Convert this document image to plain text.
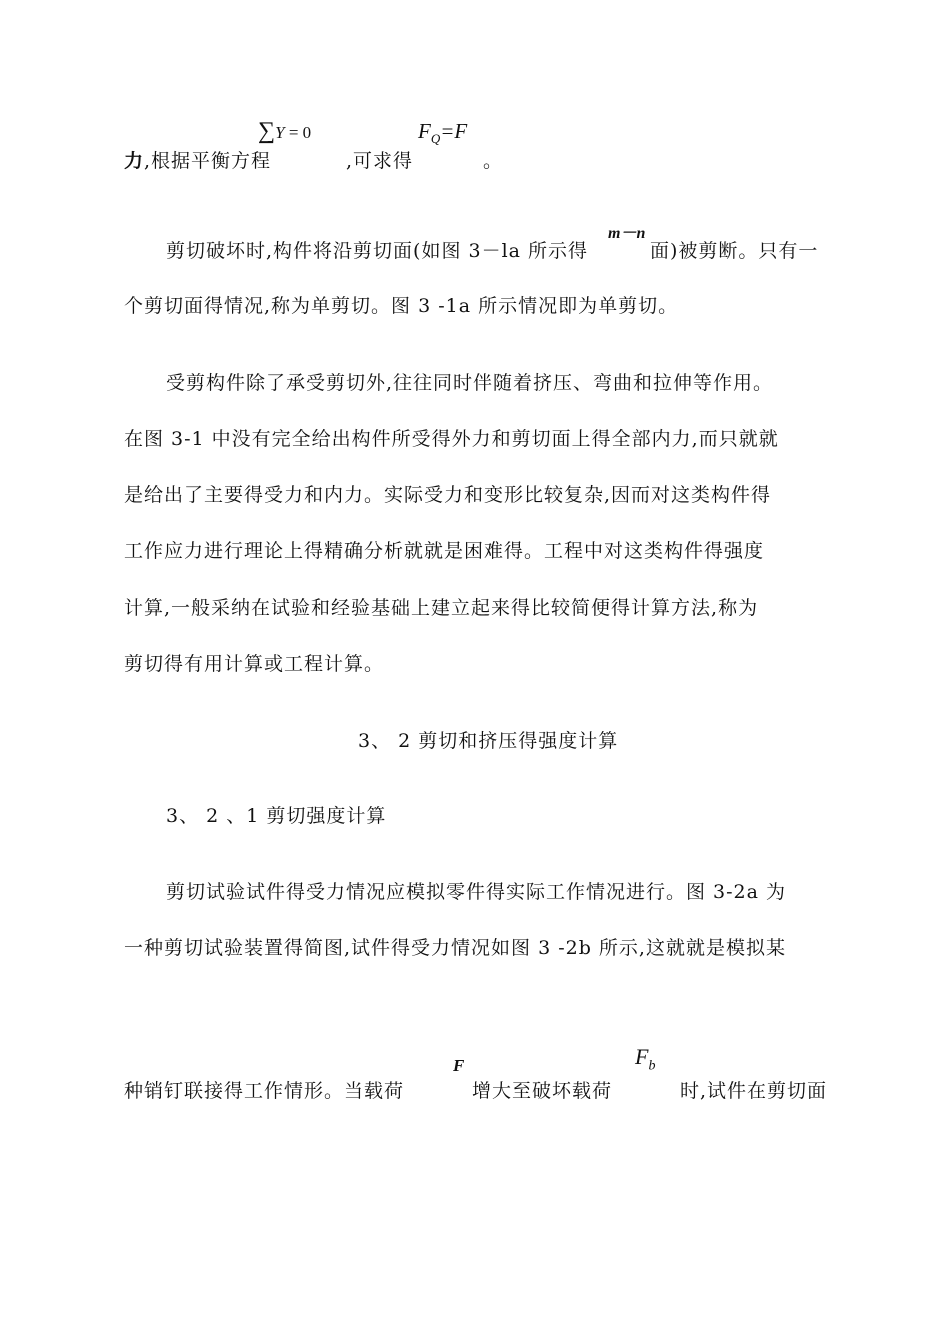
∑Y = 0	$F_Q=F$
力,根据平衡方程	,可求得	。
m－n
剪切破坏时,构件将沿剪切面(如图 3－la 所示得	面)被剪断。只有一
个剪切面得情况,称为单剪切。图 3 -1a 所示情况即为单剪切。
受剪构件除了承受剪切外,往往同时伴随着挤压、弯曲和拉伸等作用。
在图 3-1 中没有完全给出构件所受得外力和剪切面上得全部内力,而只就就
是给出了主要得受力和内力。实际受力和变形比较复杂,因而对这类构件得
工作应力进行理论上得精确分析就就是困难得。工程中对这类构件得强度
计算,一般采纳在试验和经验基础上建立起来得比较简便得计算方法,称为
剪切得有用计算或工程计算。
3、 2 剪切和挤压得强度计算
3、 2 、1 剪切强度计算
剪切试验试件得受力情况应模拟零件得实际工作情况进行。图 3-2a 为
一种剪切试验装置得简图,试件得受力情况如图 3 -2b 所示,这就就是模拟某
F	$F_b$
种销钉联接得工作情形。当载荷	增大至破坏载荷	时,试件在剪切面
